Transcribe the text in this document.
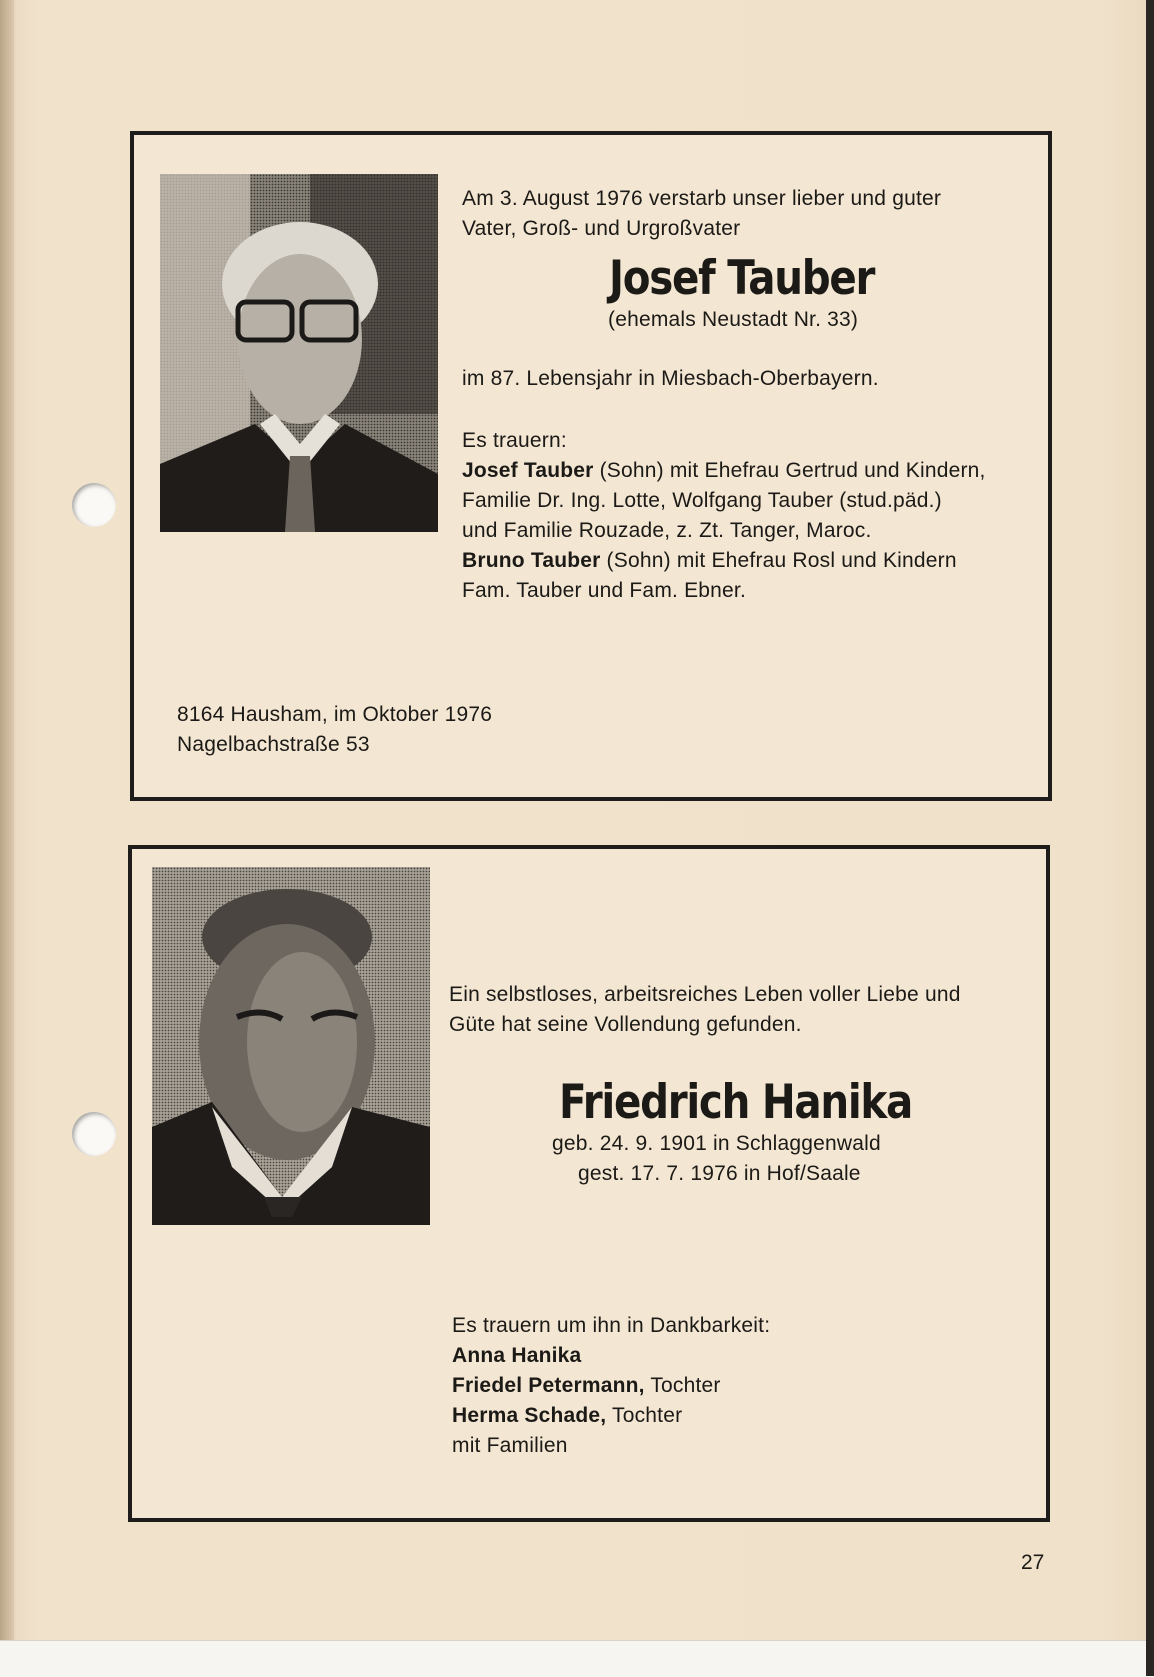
Am 3. August 1976 verstarb unser lieber und guter
Vater, Groß- und Urgroßvater
Josef Tauber
(ehemals Neustadt Nr. 33)
im 87. Lebensjahr in Miesbach-Oberbayern.
Es trauern:
Josef Tauber (Sohn) mit Ehefrau Gertrud und Kindern,
Familie Dr. Ing. Lotte, Wolfgang Tauber (stud.päd.)
und Familie Rouzade, z. Zt. Tanger, Maroc.
Bruno Tauber (Sohn) mit Ehefrau Rosl und Kindern
Fam. Tauber und Fam. Ebner.
8164 Hausham, im Oktober 1976
Nagelbachstraße 53
Ein selbstloses, arbeitsreiches Leben voller Liebe und
Güte hat seine Vollendung gefunden.
Friedrich Hanika
geb. 24. 9. 1901 in Schlaggenwald
gest. 17. 7. 1976 in Hof/Saale
Es trauern um ihn in Dankbarkeit:
Anna Hanika
Friedel Petermann, Tochter
Herma Schade, Tochter
mit Familien
27
